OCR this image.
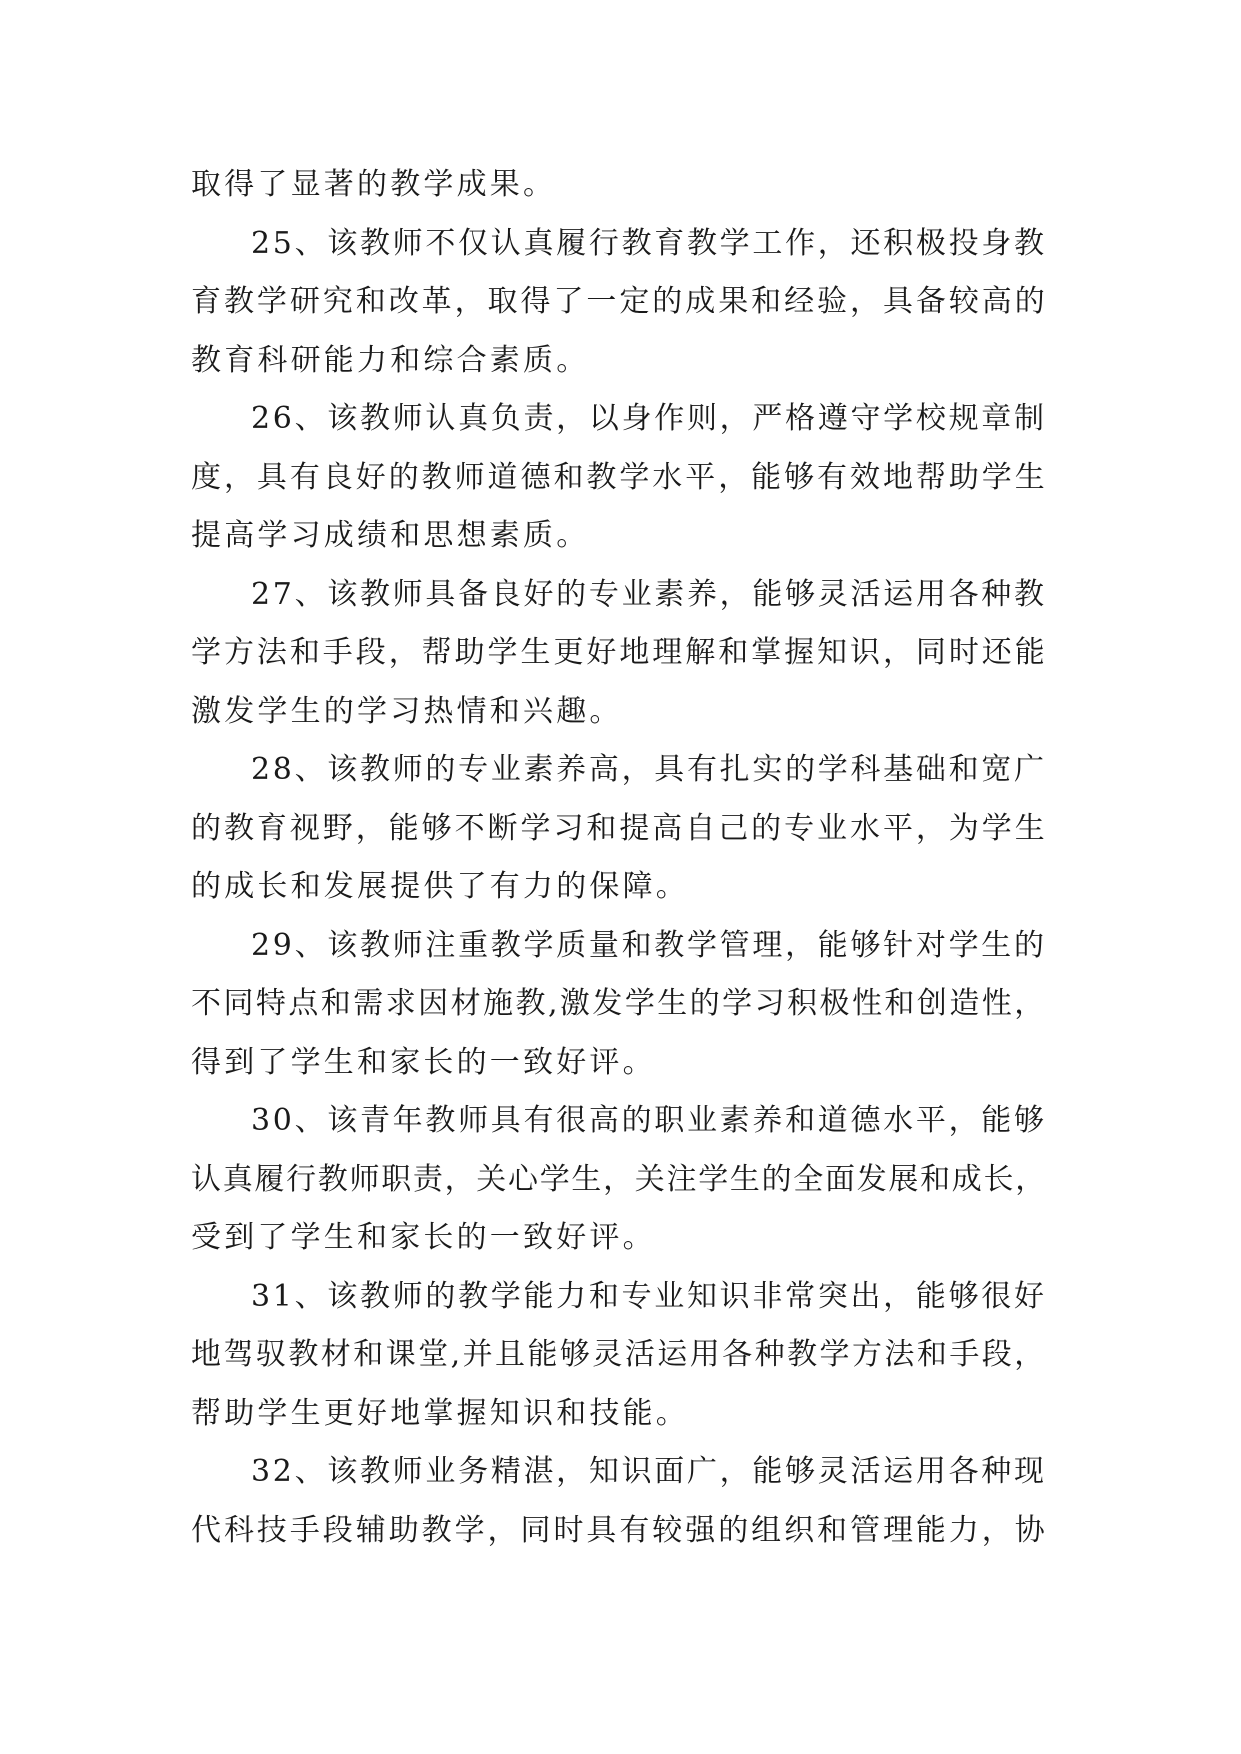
取得了显著的教学成果。
25、该教师不仅认真履行教育教学工作，还积极投身教
育教学研究和改革，取得了一定的成果和经验，具备较高的
教育科研能力和综合素质。
26、该教师认真负责，以身作则，严格遵守学校规章制
度，具有良好的教师道德和教学水平，能够有效地帮助学生
提高学习成绩和思想素质。
27、该教师具备良好的专业素养，能够灵活运用各种教
学方法和手段，帮助学生更好地理解和掌握知识，同时还能
激发学生的学习热情和兴趣。
28、该教师的专业素养高，具有扎实的学科基础和宽广
的教育视野，能够不断学习和提高自己的专业水平，为学生
的成长和发展提供了有力的保障。
29、该教师注重教学质量和教学管理，能够针对学生的
不同特点和需求因材施教,激发学生的学习积极性和创造性，
得到了学生和家长的一致好评。
30、该青年教师具有很高的职业素养和道德水平，能够
认真履行教师职责，关心学生，关注学生的全面发展和成长，
受到了学生和家长的一致好评。
31、该教师的教学能力和专业知识非常突出，能够很好
地驾驭教材和课堂,并且能够灵活运用各种教学方法和手段，
帮助学生更好地掌握知识和技能。
32、该教师业务精湛，知识面广，能够灵活运用各种现
代科技手段辅助教学，同时具有较强的组织和管理能力，协
